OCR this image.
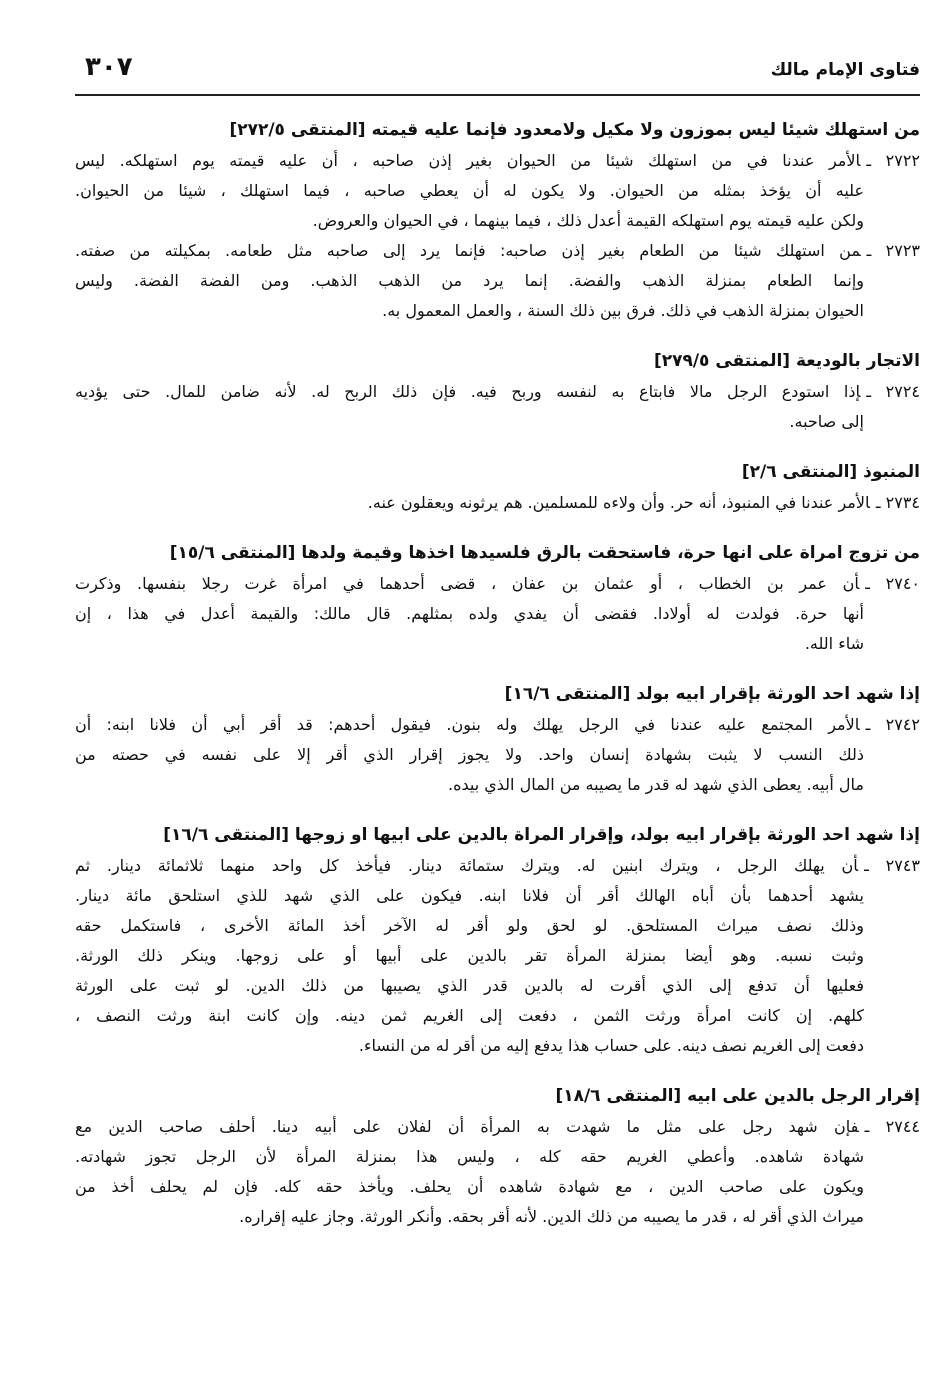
فتاوى الإمام مالك
٣٠٧
من استهلك شيئا ليس بموزون ولا مكيل ولامعدود فإنما عليه قيمته [المنتقى ٢٧٢/٥]
٢٧٢٢ ـالأمر عندنا في من استهلك شيئا من الحيوان بغير إذن صاحبه ، أن عليه قيمته يوم استهلكه. ليس
عليه أن يؤخذ بمثله من الحيوان. ولا يكون له أن يعطي صاحبه ، فيما استهلك ، شيئا من الحيوان.
ولكن عليه قيمته يوم استهلكه القيمة أعدل ذلك ، فيما بينهما ، في الحيوان والعروض.
٢٧٢٣ ـمن استهلك شيئا من الطعام بغير إذن صاحبه: فإنما يرد إلى صاحبه مثل طعامه. بمكيلته من صفته.
وإنما الطعام بمنزلة الذهب والفضة. إنما يرد من الذهب الذهب. ومن الفضة الفضة. وليس
الحيوان بمنزلة الذهب في ذلك. فرق بين ذلك السنة ، والعمل المعمول به.
الاتجار بالوديعة [المنتقى ٢٧٩/٥]
٢٧٢٤ ـإذا استودع الرجل مالا فابتاع به لنفسه وربح فيه. فإن ذلك الربح له. لأنه ضامن للمال. حتى يؤديه
إلى صاحبه.
المنبوذ [المنتقى ٢/٦]
٢٧٣٤ ـالأمر عندنا في المنبوذ، أنه حر. وأن ولاءه للمسلمين. هم يرثونه ويعقلون عنه.
من تزوج امراة على انها حرة، فاستحقت بالرق فلسيدها اخذها وقيمة ولدها [المنتقى ١٥/٦]
٢٧٤٠ ـأن عمر بن الخطاب ، أو عثمان بن عفان ، قضى أحدهما في امرأة غرت رجلا بنفسها. وذكرت
أنها حرة. فولدت له أولادا. فقضى أن يفدي ولده بمثلهم. قال مالك: والقيمة أعدل في هذا ، إن
شاء الله.
إذا شهد احد الورثة بإقرار ابيه بولد [المنتقى ١٦/٦]
٢٧٤٢ ـالأمر المجتمع عليه عندنا في الرجل يهلك وله بنون. فيقول أحدهم: قد أقر أبي أن فلانا ابنه: أن
ذلك النسب لا يثبت بشهادة إنسان واحد. ولا يجوز إقرار الذي أقر إلا على نفسه في حصته من
مال أبيه. يعطى الذي شهد له قدر ما يصيبه من المال الذي بيده.
إذا شهد احد الورثة بإقرار ابيه بولد، وإقرار المراة بالدين على ابيها او زوجها [المنتقى ١٦/٦]
٢٧٤٣ ـأن يهلك الرجل ، ويترك ابنين له. ويترك ستمائة دينار. فيأخذ كل واحد منهما ثلاثمائة دينار. ثم
يشهد أحدهما بأن أباه الهالك أقر أن فلانا ابنه. فيكون على الذي شهد للذي استلحق مائة دينار.
وذلك نصف ميراث المستلحق. لو لحق ولو أقر له الآخر أخذ المائة الأخرى ، فاستكمل حقه
وثبت نسبه. وهو أيضا بمنزلة المرأة تقر بالدين على أبيها أو على زوجها. وينكر ذلك الورثة.
فعليها أن تدفع إلى الذي أقرت له بالدين قدر الذي يصيبها من ذلك الدين. لو ثبت على الورثة
كلهم. إن كانت امرأة ورثت الثمن ، دفعت إلى الغريم ثمن دينه. وإن كانت ابنة ورثت النصف ،
دفعت إلى الغريم نصف دينه. على حساب هذا يدفع إليه من أقر له من النساء.
إقرار الرجل بالدين على ابيه [المنتقى ١٨/٦]
٢٧٤٤ ـفإن شهد رجل على مثل ما شهدت به المرأة أن لفلان على أبيه دينا. أحلف صاحب الدين مع
شهادة شاهده. وأعطي الغريم حقه كله ، وليس هذا بمنزلة المرأة لأن الرجل تجوز شهادته.
ويكون على صاحب الدين ، مع شهادة شاهده أن يحلف. ويأخذ حقه كله. فإن لم يحلف أخذ من
ميراث الذي أقر له ، قدر ما يصيبه من ذلك الدين. لأنه أقر بحقه. وأنكر الورثة. وجاز عليه إقراره.
